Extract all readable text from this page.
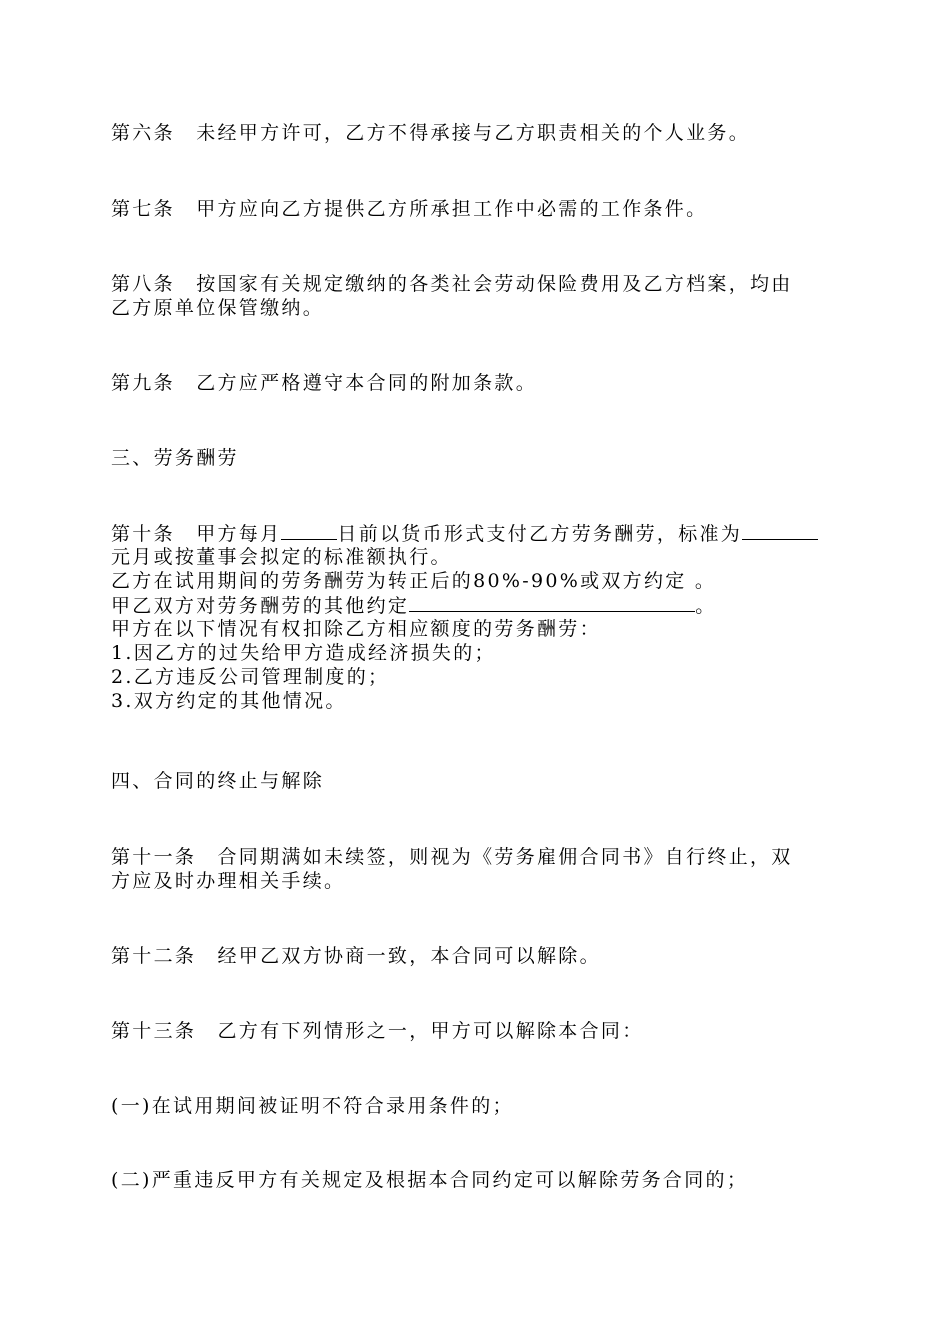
第六条　未经甲方许可，乙方不得承接与乙方职责相关的个人业务。
第七条　甲方应向乙方提供乙方所承担工作中必需的工作条件。
第八条　按国家有关规定缴纳的各类社会劳动保险费用及乙方档案，均由
乙方原单位保管缴纳。
第九条　乙方应严格遵守本合同的附加条款。
三、劳务酬劳
第十条　甲方每月	日前以货币形式支付乙方劳务酬劳，标准为
元月或按董事会拟定的标准额执行。
乙方在试用期间的劳务酬劳为转正后的80%-90%或双方约定 。
甲乙双方对劳务酬劳的其他约定	。
甲方在以下情况有权扣除乙方相应额度的劳务酬劳：
1.因乙方的过失给甲方造成经济损失的；
2.乙方违反公司管理制度的；
3.双方约定的其他情况。
四、合同的终止与解除
第十一条　合同期满如未续签，则视为《劳务雇佣合同书》自行终止，双
方应及时办理相关手续。
第十二条　经甲乙双方协商一致，本合同可以解除。
第十三条　乙方有下列情形之一，甲方可以解除本合同：
(一)在试用期间被证明不符合录用条件的；
(二)严重违反甲方有关规定及根据本合同约定可以解除劳务合同的；
